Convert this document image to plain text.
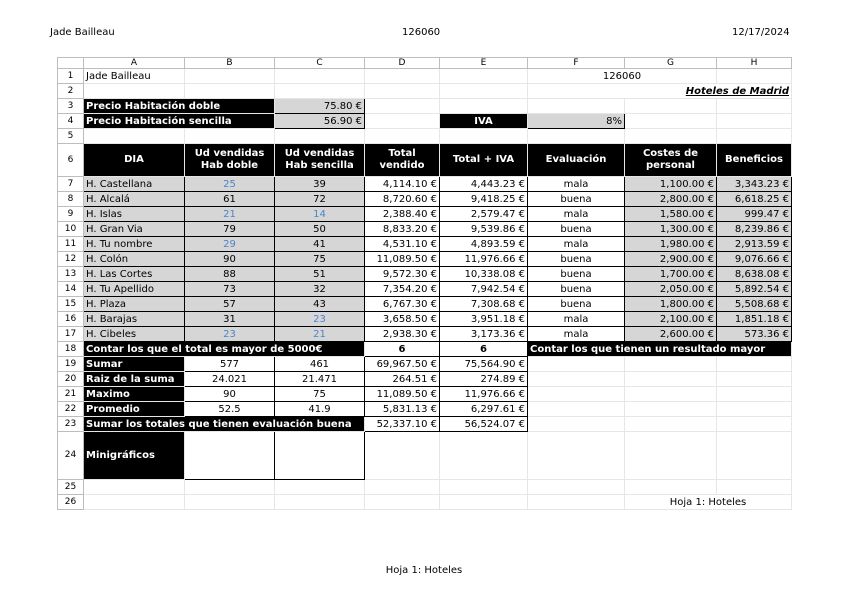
Jade Bailleau	126060	12/17/2024
	A	B	C	D	E	F	G	H
1	Jade Bailleau					126060		
2						Hoteles de Madrid		
3	Precio Habitación doble		75.80 €					
4	Precio Habitación sencilla		56.90 €		IVA	8%		
5								
6	DIA	Ud vendidas Hab doble	Ud vendidas Hab sencilla	Total vendido	Total + IVA	Evaluación	Costes de personal	Beneficios
7	H. Castellana	25	39	4,114.10 €	4,443.23 €	mala	1,100.00 €	3,343.23 €
8	H. Alcalá	61	72	8,720.60 €	9,418.25 €	buena	2,800.00 €	6,618.25 €
9	H. Islas	21	14	2,388.40 €	2,579.47 €	mala	1,580.00 €	999.47 €
10	H. Gran Via	79	50	8,833.20 €	9,539.86 €	buena	1,300.00 €	8,239.86 €
11	H. Tu nombre	29	41	4,531.10 €	4,893.59 €	mala	1,980.00 €	2,913.59 €
12	H. Colón	90	75	11,089.50 €	11,976.66 €	buena	2,900.00 €	9,076.66 €
13	H. Las Cortes	88	51	9,572.30 €	10,338.08 €	buena	1,700.00 €	8,638.08 €
14	H. Tu Apellido	73	32	7,354.20 €	7,942.54 €	buena	2,050.00 €	5,892.54 €
15	H. Plaza	57	43	6,767.30 €	7,308.68 €	buena	1,800.00 €	5,508.68 €
16	H. Barajas	31	23	3,658.50 €	3,951.18 €	mala	2,100.00 €	1,851.18 €
17	H. Cibeles	23	21	2,938.30 €	3,173.36 €	mala	2,600.00 €	573.36 €
18	Contar los que el total es mayor de 5000€			6	6	Contar los que tienen un resultado mayor		
19	Sumar	577	461	69,967.50 €	75,564.90 €			
20	Raiz de la suma	24.021	21.471	264.51 €	274.89 €			
21	Maximo	90	75	11,089.50 €	11,976.66 €			
22	Promedio	52.5	41.9	5,831.13 €	6,297.61 €			
23	Sumar los totales que tienen evaluación buena			52,337.10 €	56,524.07 €			
24	Minigráficos							
25								
26							Hoja 1: Hoteles	
Hoja 1: Hoteles
